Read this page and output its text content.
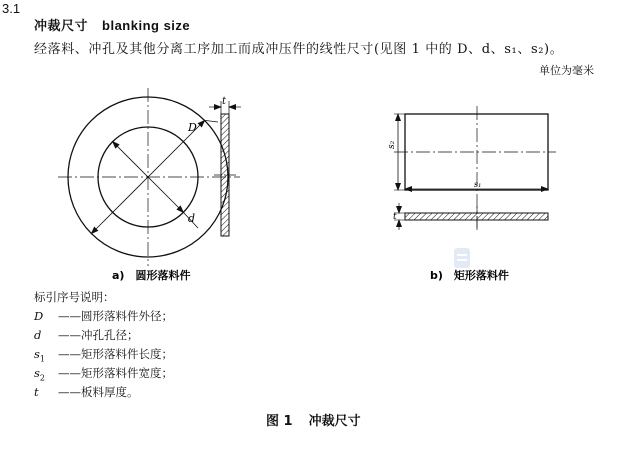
3.1
冲裁尺寸 blanking size
经落料、冲孔及其他分离工序加工而成冲压件的线性尺寸(见图 1 中的 D、d、s₁、s₂)。
单位为毫米
D
d
t
s₂
s₁
t
a)　圆形落料件	b)　矩形落料件
标引序号说明：
D ——圆形落料件外径；
d ——冲孔孔径；
$s_1$ ——矩形落料件长度；
$s_2$ ——矩形落料件宽度；
t ——板料厚度。
图 1 冲裁尺寸
